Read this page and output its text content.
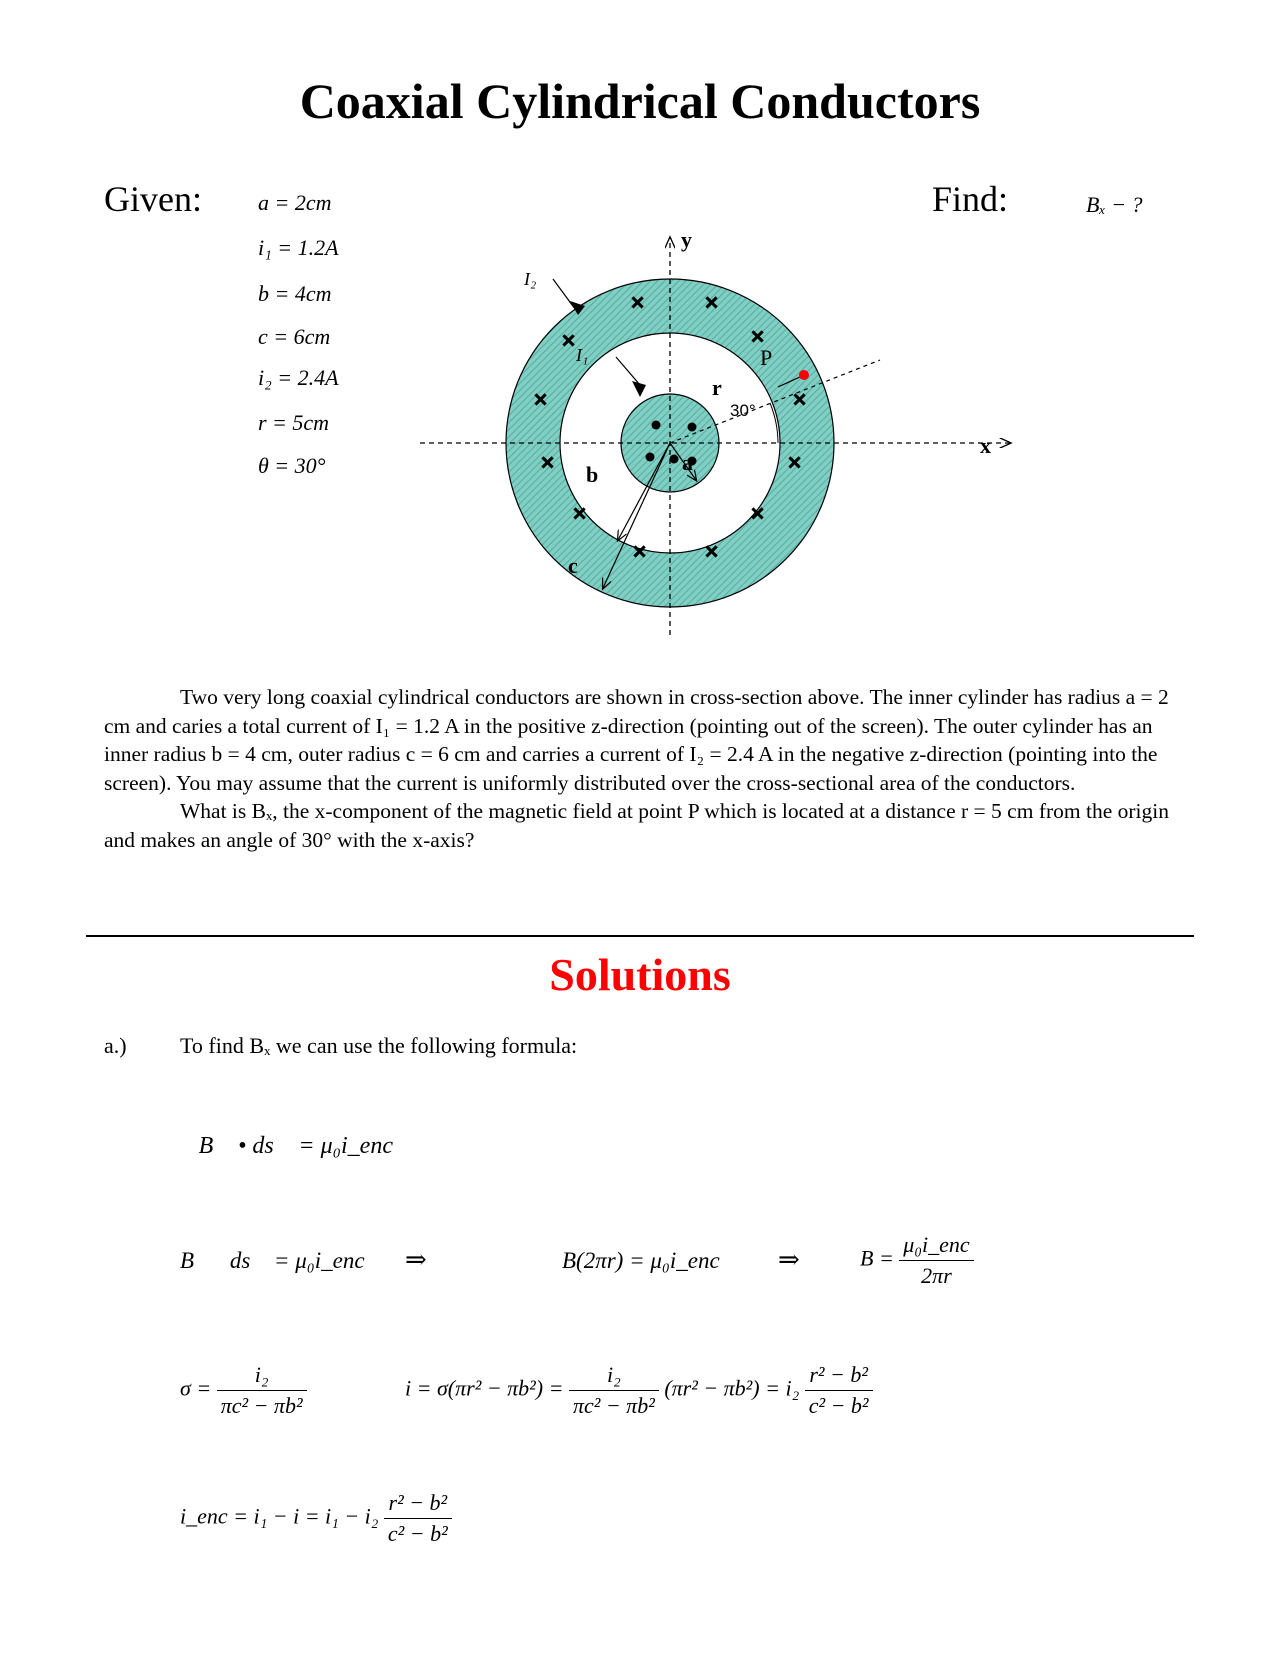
Coaxial Cylindrical Conductors
Given:	a = 2cm
i₁ = 1.2A
b = 4cm
c = 6cm
i₂ = 2.4A
r = 5cm
θ = 30°
Find:	Bₓ − ?
×	×
×	×
×	×
×	×
×	×
×	×
y
x
I₂
I₁
a
b
c
r
P
30°

Two very long coaxial cylindrical conductors are shown in cross-section above. The inner cylinder has radius a = 2 cm and caries a total current of I₁ = 1.2 A in the positive z-direction (pointing out of the screen). The outer cylinder has an inner radius b = 4 cm, outer radius c = 6 cm and carries a current of I₂ = 2.4 A in the negative z-direction (pointing into the screen). You may assume that the current is uniformly distributed over the cross-sectional area of the conductors.

What is Bₓ, the x-component of the magnetic field at point P which is located at a distance r = 5 cm from the origin and makes an angle of 30° with the x-axis?

Solutions
a.) To find Bₓ we can use the following formula:
∮B⃗ • ds⃗ = μ₀i_enc
B⃗∮ds⃗ = μ₀i_enc ⇒	B(2πr) = μ₀i_enc ⇒	$B = \frac{\text{μ₀i\_enc}}{2\pi r}$
$\sigma = \frac{\text{i₂}}{\text{πc² − πb²}}$	$i = \sigma(\pi r^2 - \pi b^2) = \frac{\text{i₂}}{\text{πc² − πb²}} (\pi r^2 - \pi b^2) = i_2 \frac{\text{r² − b²}}{\text{c² − b²}}$
i_enc = $i_1 - i = i_1 - i_2 \frac{\text{r² − b²}}{\text{c² − b²}}$
